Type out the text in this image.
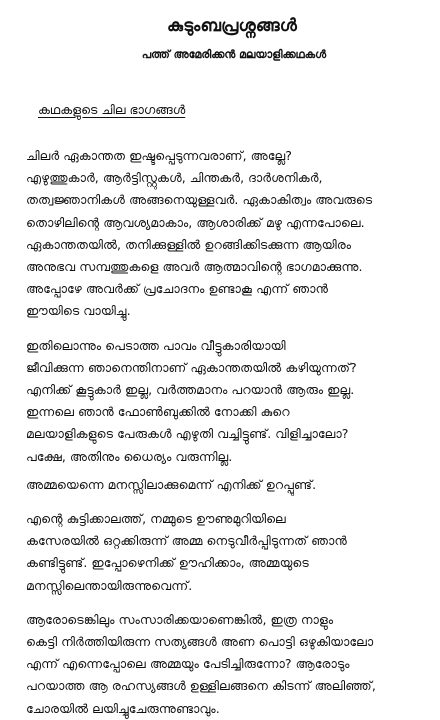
കുടുംബപ്രശ്നങ്ങൾ
പത്ത് അമേരിക്കൻ മലയാളിക്കഥകൾ
കഥകളുടെ ചില ഭാഗങ്ങൾ

ചിലർ ഏകാന്തത ഇഷ്ടപ്പെടുന്നവരാണ്, അല്ലേ?
എഴുത്തുകാർ, ആർട്ടിസ്റ്റുകൾ, ചിന്തകർ, ദാർശനികർ,
തത്വജ്ഞാനികൾ അങ്ങനെയുള്ളവർ. ഏകാകിത്വം അവരുടെ
തൊഴിലിന്റെ ആവശ്യമാകാം, ആശാരിക്ക് മഴു എന്നപോലെ.
ഏകാന്തതയിൽ, തനിക്കുള്ളിൽ ഉറങ്ങിക്കിടക്കുന്ന ആയിരം
അനുഭവ സമ്പത്തുകളെ അവർ ആത്മാവിന്റെ ഭാഗമാക്കുന്നു.
അപ്പോഴേ അവർക്ക് പ്രചോദനം ഉണ്ടാകൂ എന്ന് ഞാൻ
ഈയിടെ വായിച്ചു.

ഇതിലൊന്നും പെടാത്ത പാവം വീട്ടുകാരിയായി
ജീവിക്കുന്ന ഞാനെന്തിനാണ് ഏകാന്തതയിൽ കഴിയുന്നത്?
എനിക്ക് കൂട്ടുകാർ ഇല്ല, വർത്തമാനം പറയാൻ ആരും ഇല്ല.
ഇന്നലെ ഞാൻ ഫോൺബുക്കിൽ നോക്കി കുറെ
മലയാളികളുടെ പേരുകൾ എഴുതി വച്ചിട്ടുണ്ട്. വിളിച്ചാലോ?
പക്ഷേ, അതിനും ധൈര്യം വരുന്നില്ല.

അമ്മയെന്നെ മനസ്സിലാക്കുമെന്ന് എനിക്ക് ഉറപ്പുണ്ട്.

എന്റെ കുട്ടിക്കാലത്ത്, നമ്മുടെ ഊണുമുറിയിലെ
കസേരയിൽ ഒറ്റക്കിരുന്ന് അമ്മ നെടുവീർപ്പിടുന്നത് ഞാൻ
കണ്ടിട്ടുണ്ട്. ഇപ്പോഴെനിക്ക് ഊഹിക്കാം, അമ്മയുടെ
മനസ്സിലെന്തായിരുന്നുവെന്ന്.

ആരോടെങ്കിലും സംസാരിക്കയാണെങ്കിൽ, ഇത്ര നാളും
കെട്ടി നിർത്തിയിരുന്ന സത്യങ്ങൾ അണ പൊട്ടി ഒഴുകിയാലോ
എന്ന് എന്നെപ്പോലെ അമ്മയും പേടിച്ചിരുന്നോ? ആരോടും
പറയാത്ത ആ രഹസ്യങ്ങൾ ഉള്ളിലങ്ങനെ കിടന്ന് അലിഞ്ഞ്,
ചോരയിൽ ലയിച്ചുചേരുന്നുണ്ടാവും.
